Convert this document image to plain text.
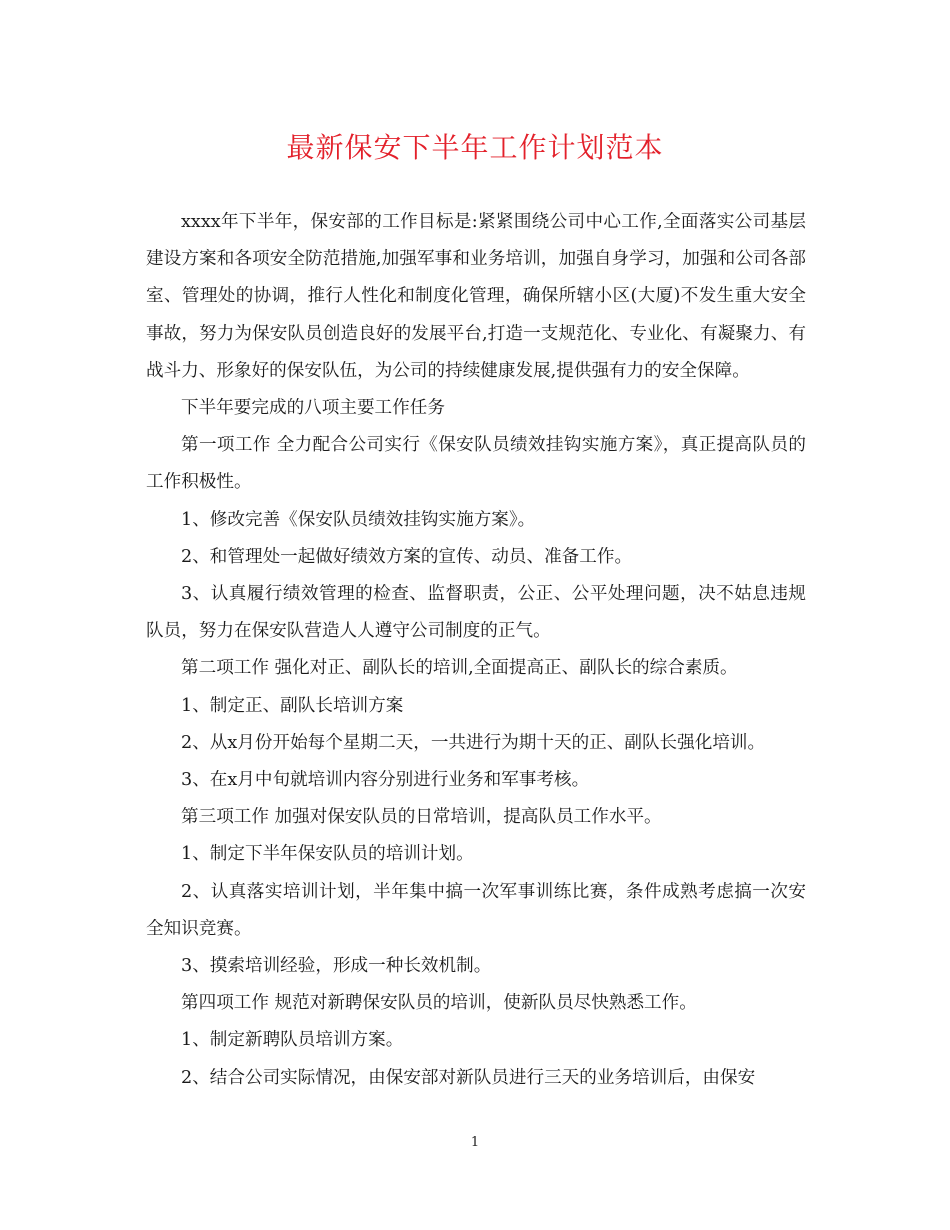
最新保安下半年工作计划范本

xxxx年下半年，保安部的工作目标是:紧紧围绕公司中心工作,全面落实公司基层建设方案和各项安全防范措施,加强军事和业务培训，加强自身学习，加强和公司各部室、管理处的协调，推行人性化和制度化管理，确保所辖小区(大厦)不发生重大安全事故，努力为保安队员创造良好的发展平台,打造一支规范化、专业化、有凝聚力、有战斗力、形象好的保安队伍，为公司的持续健康发展,提供强有力的安全保障。

下半年要完成的八项主要工作任务

第一项工作 全力配合公司实行《保安队员绩效挂钩实施方案》，真正提高队员的工作积极性。

1、修改完善《保安队员绩效挂钩实施方案》。

2、和管理处一起做好绩效方案的宣传、动员、准备工作。

3、认真履行绩效管理的检查、监督职责，公正、公平处理问题，决不姑息违规队员，努力在保安队营造人人遵守公司制度的正气。

第二项工作 强化对正、副队长的培训,全面提高正、副队长的综合素质。

1、制定正、副队长培训方案

2、从x月份开始每个星期二天，一共进行为期十天的正、副队长强化培训。

3、在x月中旬就培训内容分别进行业务和军事考核。

第三项工作 加强对保安队员的日常培训，提高队员工作水平。

1、制定下半年保安队员的培训计划。

2、认真落实培训计划，半年集中搞一次军事训练比赛，条件成熟考虑搞一次安全知识竞赛。

3、摸索培训经验，形成一种长效机制。

第四项工作 规范对新聘保安队员的培训，使新队员尽快熟悉工作。

1、制定新聘队员培训方案。

2、结合公司实际情况，由保安部对新队员进行三天的业务培训后，由保安

1
